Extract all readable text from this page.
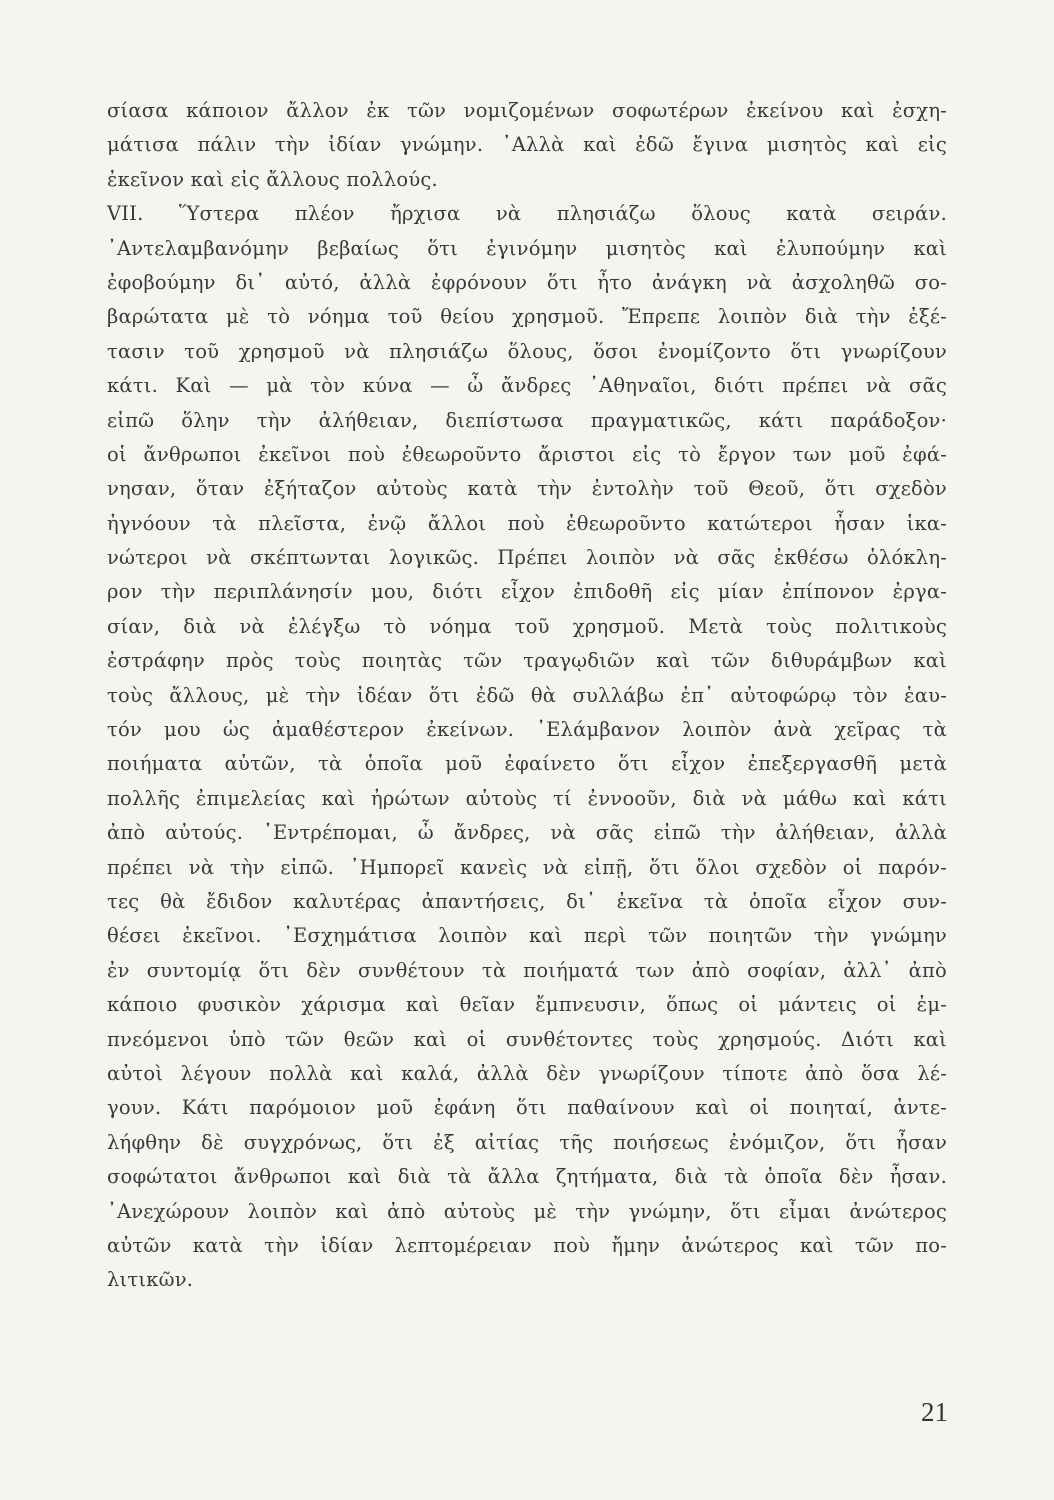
σίασα κάποιον ἄλλον ἐκ τῶν νομιζομένων σοφωτέρων ἐκείνου καὶ ἐσχη-
μάτισα πάλιν τὴν ἰδίαν γνώμην. ᾿Αλλὰ καὶ ἐδῶ ἔγινα μισητὸς καὶ εἰς
ἐκεῖνον καὶ εἰς ἄλλους πολλούς.
VII. Ὕστερα πλέον ἤρχισα νὰ πλησιάζω ὅλους κατὰ σειράν.
᾿Αντελαμβανόμην βεβαίως ὅτι ἐγινόμην μισητὸς καὶ ἐλυπούμην καὶ
ἐφοβούμην δι᾿ αὐτό, ἀλλὰ ἐφρόνουν ὅτι ἦτο ἀνάγκη νὰ ἀσχοληθῶ σο-
βαρώτατα μὲ τὸ νόημα τοῦ θείου χρησμοῦ. Ἔπρεπε λοιπὸν διὰ τὴν ἐξέ-
τασιν τοῦ χρησμοῦ νὰ πλησιάζω ὅλους, ὅσοι ἐνομίζοντο ὅτι γνωρίζουν
κάτι. Καὶ — μὰ τὸν κύνα — ὦ ἄνδρες ᾿Αθηναῖοι, διότι πρέπει νὰ σᾶς
εἰπῶ ὅλην τὴν ἀλήθειαν, διεπίστωσα πραγματικῶς, κάτι παράδοξον·
οἱ ἄνθρωποι ἐκεῖνοι ποὺ ἐθεωροῦντο ἄριστοι εἰς τὸ ἔργον των μοῦ ἐφά-
νησαν, ὅταν ἐξήταζον αὐτοὺς κατὰ τὴν ἐντολὴν τοῦ Θεοῦ, ὅτι σχεδὸν
ἠγνόουν τὰ πλεῖστα, ἐνῷ ἄλλοι ποὺ ἐθεωροῦντο κατώτεροι ἦσαν ἱκα-
νώτεροι νὰ σκέπτωνται λογικῶς. Πρέπει λοιπὸν νὰ σᾶς ἐκθέσω ὁλόκλη-
ρον τὴν περιπλάνησίν μου, διότι εἶχον ἐπιδοθῆ εἰς μίαν ἐπίπονον ἐργα-
σίαν, διὰ νὰ ἐλέγξω τὸ νόημα τοῦ χρησμοῦ. Μετὰ τοὺς πολιτικοὺς
ἐστράφην πρὸς τοὺς ποιητὰς τῶν τραγῳδιῶν καὶ τῶν διθυράμβων καὶ
τοὺς ἄλλους, μὲ τὴν ἰδέαν ὅτι ἐδῶ θὰ συλλάβω ἐπ᾿ αὐτοφώρῳ τὸν ἑαυ-
τόν μου ὡς ἀμαθέστερον ἐκείνων. ᾿Ελάμβανον λοιπὸν ἀνὰ χεῖρας τὰ
ποιήματα αὐτῶν, τὰ ὁποῖα μοῦ ἐφαίνετο ὅτι εἶχον ἐπεξεργασθῆ μετὰ
πολλῆς ἐπιμελείας καὶ ἠρώτων αὐτοὺς τί ἐννοοῦν, διὰ νὰ μάθω καὶ κάτι
ἀπὸ αὐτούς. ᾿Εντρέπομαι, ὦ ἄνδρες, νὰ σᾶς εἰπῶ τὴν ἀλήθειαν, ἀλλὰ
πρέπει νὰ τὴν εἰπῶ. ᾿Ημπορεῖ κανεὶς νὰ εἰπῇ, ὅτι ὅλοι σχεδὸν οἱ παρόν-
τες θὰ ἔδιδον καλυτέρας ἀπαντήσεις, δι᾿ ἐκεῖνα τὰ ὁποῖα εἶχον συν-
θέσει ἐκεῖνοι. ᾿Εσχημάτισα λοιπὸν καὶ περὶ τῶν ποιητῶν τὴν γνώμην
ἐν συντομίᾳ ὅτι δὲν συνθέτουν τὰ ποιήματά των ἀπὸ σοφίαν, ἀλλ᾿ ἀπὸ
κάποιο φυσικὸν χάρισμα καὶ θεῖαν ἔμπνευσιν, ὅπως οἱ μάντεις οἱ ἐμ-
πνεόμενοι ὑπὸ τῶν θεῶν καὶ οἱ συνθέτοντες τοὺς χρησμούς. Διότι καὶ
αὐτοὶ λέγουν πολλὰ καὶ καλά, ἀλλὰ δὲν γνωρίζουν τίποτε ἀπὸ ὅσα λέ-
γουν. Κάτι παρόμοιον μοῦ ἐφάνη ὅτι παθαίνουν καὶ οἱ ποιηταί, ἀντε-
λήφθην δὲ συγχρόνως, ὅτι ἐξ αἰτίας τῆς ποιήσεως ἐνόμιζον, ὅτι ἦσαν
σοφώτατοι ἄνθρωποι καὶ διὰ τὰ ἄλλα ζητήματα, διὰ τὰ ὁποῖα δὲν ἦσαν.
᾿Ανεχώρουν λοιπὸν καὶ ἀπὸ αὐτοὺς μὲ τὴν γνώμην, ὅτι εἶμαι ἀνώτερος
αὐτῶν κατὰ τὴν ἰδίαν λεπτομέρειαν ποὺ ἤμην ἀνώτερος καὶ τῶν πο-
λιτικῶν.
21
